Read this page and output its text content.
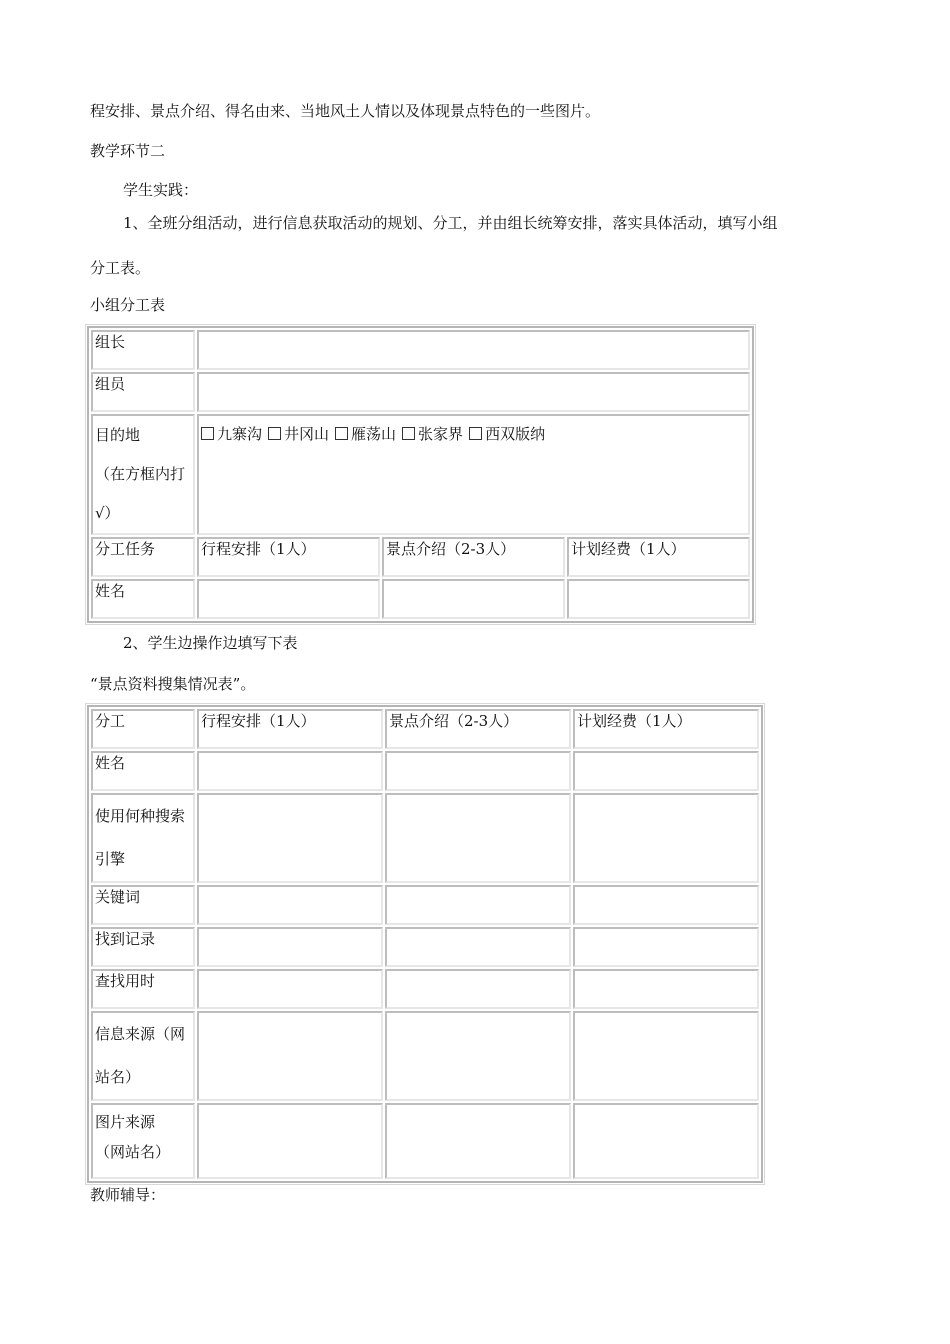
程安排、景点介绍、得名由来、当地风土人情以及体现景点特色的一些图片。
教学环节二
学生实践：
1、全班分组活动，进行信息获取活动的规划、分工，并由组长统筹安排，落实具体活动，填写小组
分工表。
小组分工表
组长			
组员			

目的地
（在方框内打
√）	九寨沟 井冈山 雁荡山 张家界 西双版纳		
分工任务	行程安排（1人）	景点介绍（2-3人）	计划经费（1人）
姓名			
2、学生边操作边填写下表
“景点资料搜集情况表”。
分工	行程安排（1人）	景点介绍（2-3人）	计划经费（1人）
姓名			

使用何种搜索
引擎			

关键词			
找到记录			
查找用时			

信息来源（网
站名）			

图片来源
（网站名）			

教师辅导：
